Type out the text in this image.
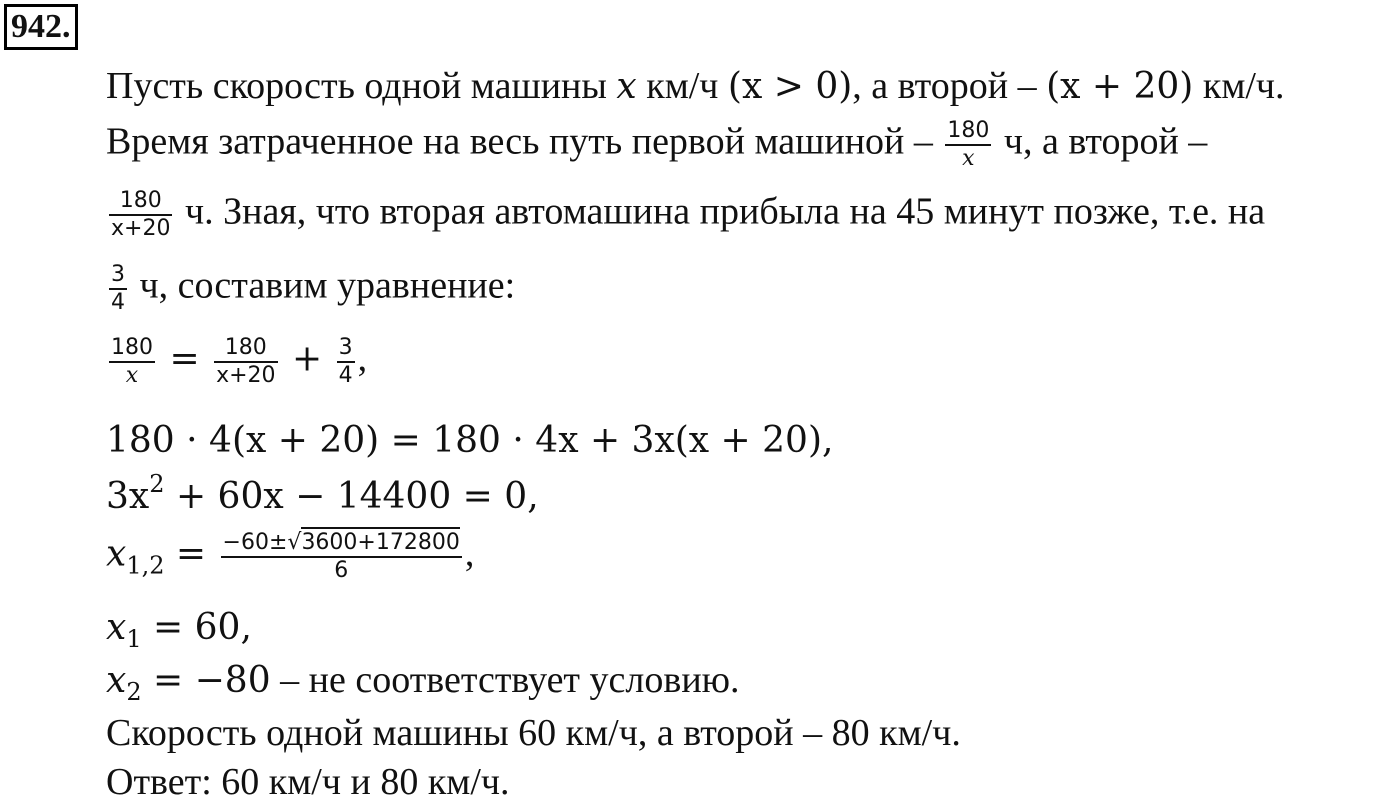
942.
Пусть скорость одной машины x км/ч (x > 0), а второй – (x + 20) км/ч.
Время затраченное на весь путь первой машиной – $\frac{180}{x} ч$, а второй –
$\frac{180}{x+20} ч$. Зная, что вторая автомашина прибыла на 45 минут позже, т.е. на
$\frac{3}{4} ч$, составим уравнение:
$\frac{180}{x} = \frac{180}{x+20} + \frac{3}{4}$ ,
180 · 4(x + 20) = 180 · 4x + 3x(x + 20),
$3x^2 + 60x - 14400 = 0$,
$x_{1,2} = \frac{-60\pm√3600+172800}{6}$ ,
$x_1 = 60$,
$x_2 = -80$ – не соответствует условию.
Скорость одной машины 60 км/ч, а второй – 80 км/ч.
Ответ: 60 км/ч и 80 км/ч.
